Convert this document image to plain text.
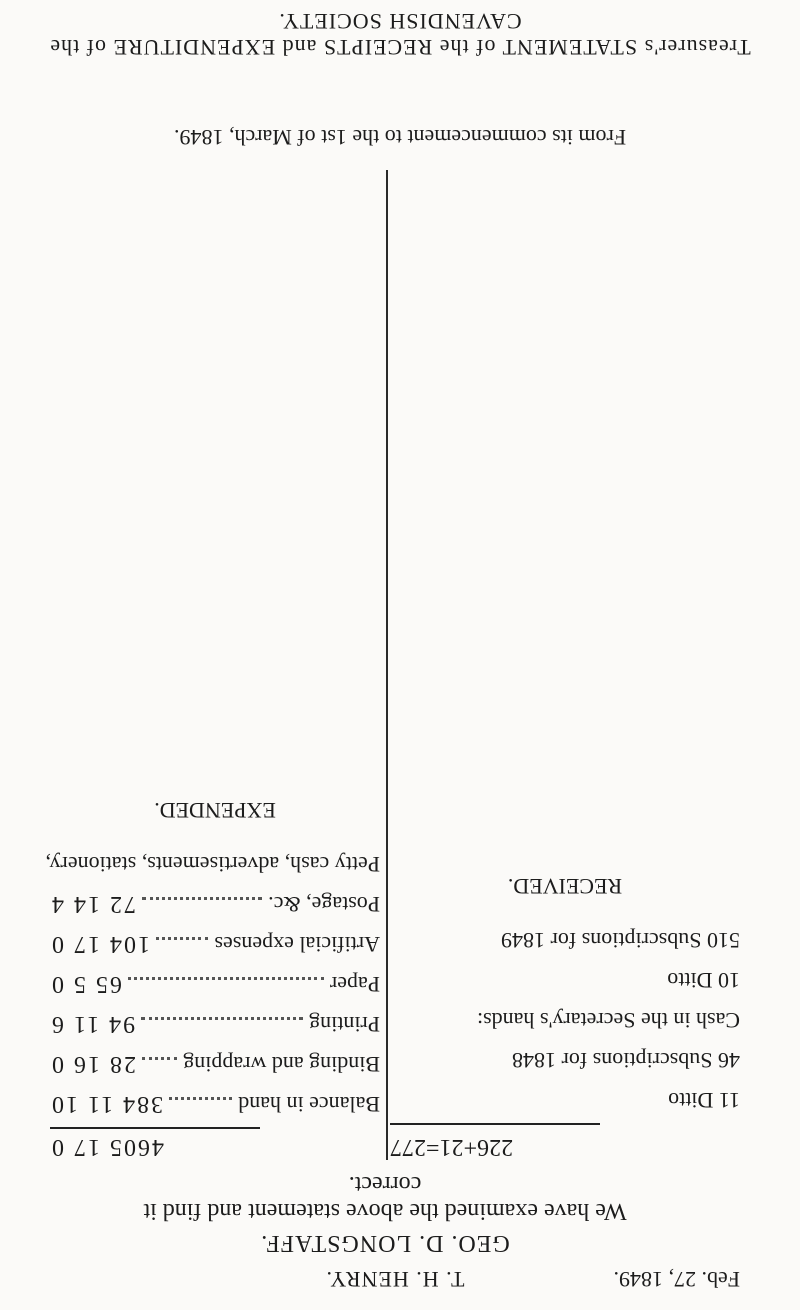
Feb. 27, 1849.
T. H. HENRY.
GEO. D. LONGSTAFF.
We have examined the above statement and find it correct.
226+21=277
11 Ditto
46 Subscriptions for 1848
Cash in the Secretary's hands:
10 Ditto
510 Subscriptions for 1849
RECEIVED.
4605 17 0
Balance in hand
384 11 10
Binding and wrapping
28 16 0
Printing
94 11 6
Paper
65 5 0
Artificial expenses
104 17 0
Postage, &c.
72 14 4
Petty cash, advertisements, stationery,
EXPENDED.
From its commencement to the 1st of March, 1849.
Treasurer's STATEMENT of the RECEIPTS and EXPENDITURE of the CAVENDISH SOCIETY.
